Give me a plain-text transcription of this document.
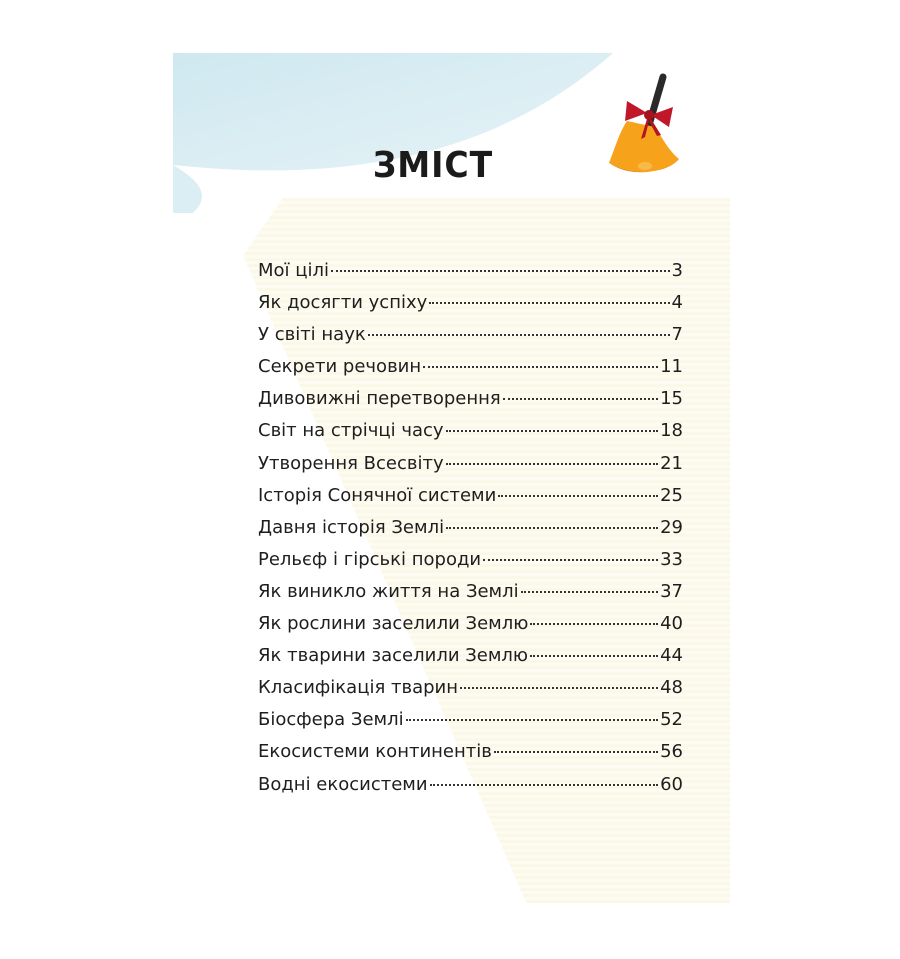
ЗМІСТ
Мої цілі	3
Як досягти успіху	4
У світі наук	7
Секрети речовин	11
Дивовижні перетворення	15
Світ на стрічці часу	18
Утворення Всесвіту	21
Історія Сонячної системи	25
Давня історія Землі	29
Рельєф і гірські породи	33
Як виникло життя на Землі	37
Як рослини заселили Землю	40
Як тварини заселили Землю	44
Класифікація тварин	48
Біосфера Землі	52
Екосистеми континентів	56
Водні екосистеми	60
